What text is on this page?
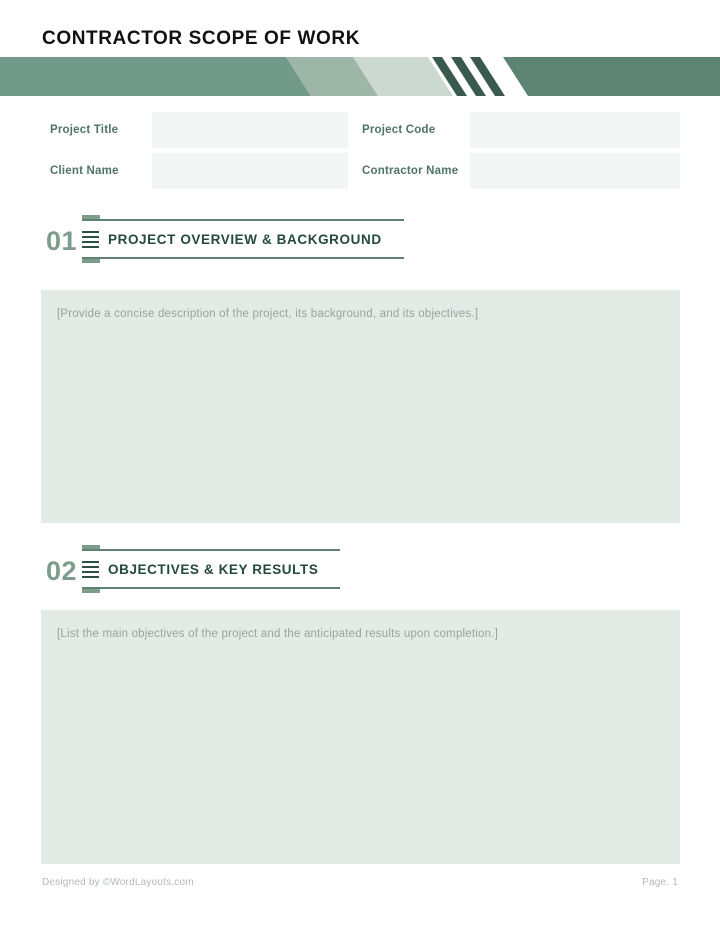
CONTRACTOR SCOPE OF WORK
Project Title	Project Code
Client Name	Contractor Name
01 PROJECT OVERVIEW & BACKGROUND
[Provide a concise description of the project, its background, and its objectives.]
02 OBJECTIVES & KEY RESULTS
[List the main objectives of the project and the anticipated results upon completion.]
Designed by ©WordLayouts.com	Page. 1
